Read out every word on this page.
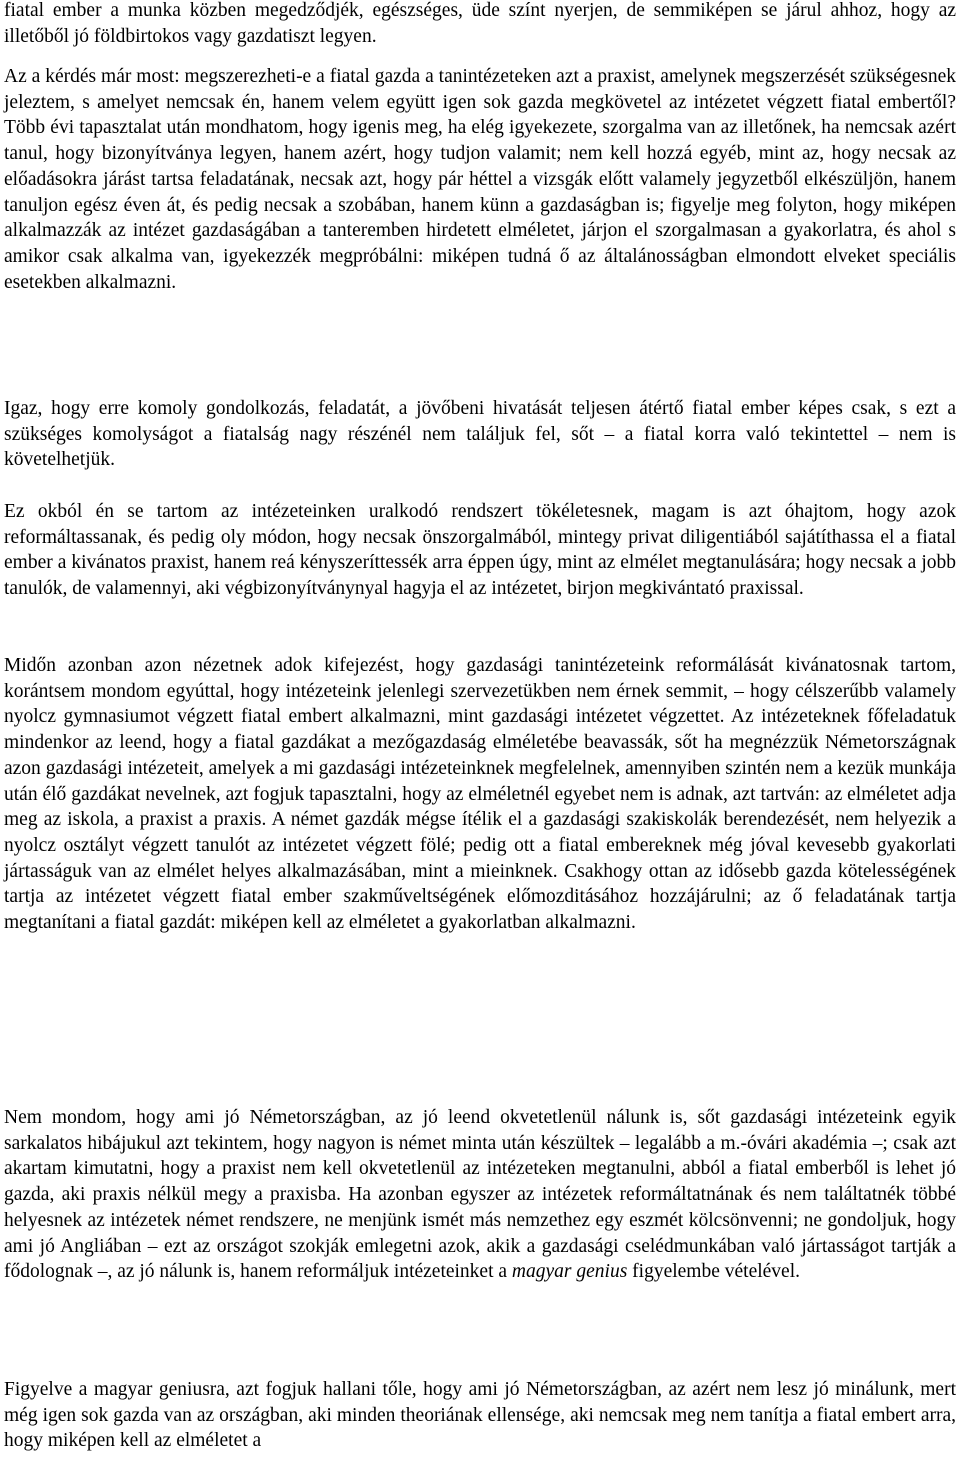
fiatal ember a munka közben megedződjék, egészséges, üde színt nyerjen, de semmiképen se járul ahhoz, hogy az illetőből jó földbirtokos vagy gazdatiszt legyen.

Az a kérdés már most: megszerezheti-e a fiatal gazda a tanintézeteken azt a praxist, amelynek megszerzését szükségesnek jeleztem, s amelyet nemcsak én, hanem velem együtt igen sok gazda megkövetel az intézetet végzett fiatal embertől? Több évi tapasztalat után mondhatom, hogy igenis meg, ha elég igyekezete, szorgalma van az illetőnek, ha nemcsak azért tanul, hogy bizonyítványa legyen, hanem azért, hogy tudjon valamit; nem kell hozzá egyéb, mint az, hogy necsak az előadásokra járást tartsa feladatának, necsak azt, hogy pár héttel a vizsgák előtt valamely jegyzetből elkészüljön, hanem tanuljon egész éven át, és pedig necsak a szobában, hanem künn a gazdaságban is; figyelje meg folyton, hogy miképen alkalmazzák az intézet gazdaságában a tanteremben hirdetett elméletet, járjon el szorgalmasan a gyakorlatra, és ahol s amikor csak alkalma van, igyekezzék megpróbálni: miképen tudná ő az általánosságban elmondott elveket speciális esetekben alkalmazni.

Igaz, hogy erre komoly gondolkozás, feladatát, a jövőbeni hivatását teljesen átértő fiatal ember képes csak, s ezt a szükséges komolyságot a fiatalság nagy részénél nem találjuk fel, sőt – a fiatal korra való tekintettel – nem is követelhetjük.

Ez okból én se tartom az intézeteinken uralkodó rendszert tökéletesnek, magam is azt óhajtom, hogy azok reformáltassanak, és pedig oly módon, hogy necsak önszorgalmából, mintegy privat diligentiából sajátíthassa el a fiatal ember a kivánatos praxist, hanem reá kényszeríttessék arra éppen úgy, mint az elmélet megtanulására; hogy necsak a jobb tanulók, de valamennyi, aki végbizonyítványnyal hagyja el az intézetet, birjon megkivántató praxissal.

Midőn azonban azon nézetnek adok kifejezést, hogy gazdasági tanintézeteink reformálását kivánatosnak tartom, korántsem mondom egyúttal, hogy intézeteink jelenlegi szervezetükben nem érnek semmit, – hogy célszerűbb valamely nyolcz gymnasiumot végzett fiatal embert alkalmazni, mint gazdasági intézetet végzettet. Az intézeteknek főfeladatuk mindenkor az leend, hogy a fiatal gazdákat a mezőgazdaság elméletébe beavassák, sőt ha megnézzük Németországnak azon gazdasági intézeteit, amelyek a mi gazdasági intézeteinknek megfelelnek, amennyiben szintén nem a kezük munkája után élő gazdákat nevelnek, azt fogjuk tapasztalni, hogy az elméletnél egyebet nem is adnak, azt tartván: az elméletet adja meg az iskola, a praxist a praxis. A német gazdák mégse ítélik el a gazdasági szakiskolák berendezését, nem helyezik a nyolcz osztályt végzett tanulót az intézetet végzett fölé; pedig ott a fiatal embereknek még jóval kevesebb gyakorlati jártasságuk van az elmélet helyes alkalmazásában, mint a mieinknek. Csakhogy ottan az idősebb gazda kötelességének tartja az intézetet végzett fiatal ember szakműveltségének előmozditásához hozzájárulni; az ő feladatának tartja megtanítani a fiatal gazdát: miképen kell az elméletet a gyakorlatban alkalmazni.

Nem mondom, hogy ami jó Németországban, az jó leend okvetetlenül nálunk is, sőt gazdasági intézeteink egyik sarkalatos hibájukul azt tekintem, hogy nagyon is német minta után készültek – legalább a m.-óvári akadémia –; csak azt akartam kimutatni, hogy a praxist nem kell okvetetlenül az intézeteken megtanulni, abból a fiatal emberből is lehet jó gazda, aki praxis nélkül megy a praxisba. Ha azonban egyszer az intézetek reformáltatnának és nem találtatnék többé helyesnek az intézetek német rendszere, ne menjünk ismét más nemzethez egy eszmét kölcsönvenni; ne gondoljuk, hogy ami jó Angliában – ezt az országot szokják emlegetni azok, akik a gazdasági cselédmunkában való jártasságot tartják a fődolognak –, az jó nálunk is, hanem reformáljuk intézeteinket a magyar genius figyelembe vételével.

Figyelve a magyar geniusra, azt fogjuk hallani tőle, hogy ami jó Németországban, az azért nem lesz jó minálunk, mert még igen sok gazda van az országban, aki minden theoriának ellensége, aki nemcsak meg nem tanítja a fiatal embert arra, hogy miképen kell az elméletet a
